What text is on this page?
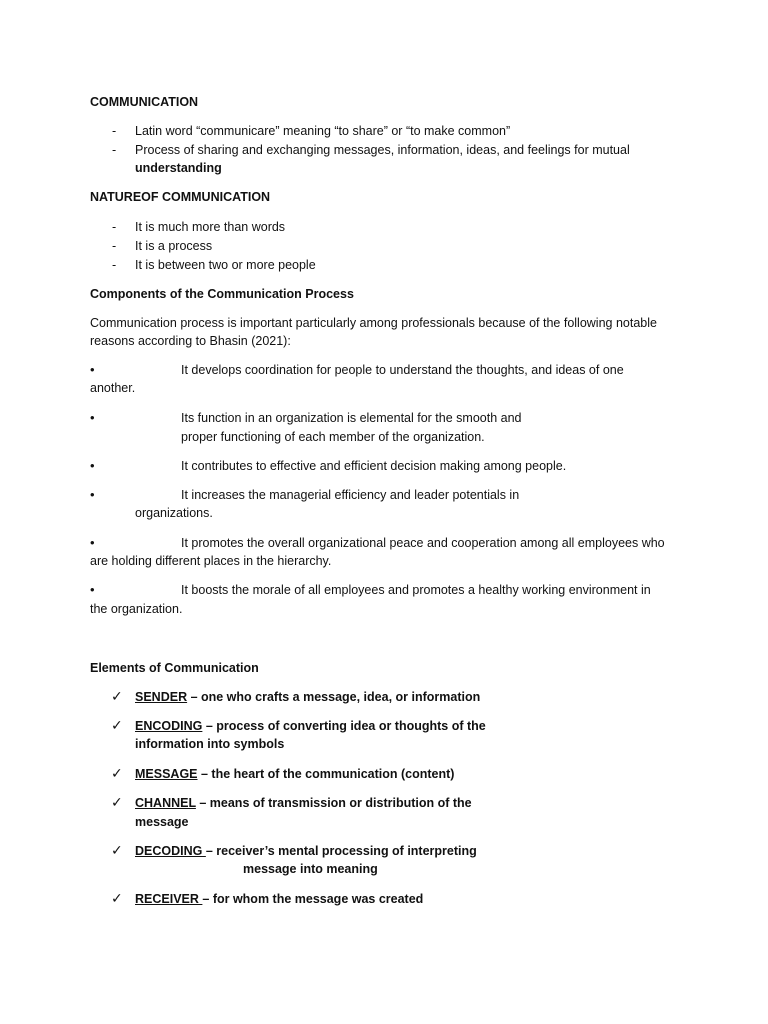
COMMUNICATION
- Latin word “communicare” meaning “to share” or “to make common”
- Process of sharing and exchanging messages, information, ideas, and feelings for mutual
understanding
NATUREOF COMMUNICATION
- It is much more than words
- It is a process
- It is between two or more people
Components of the Communication Process
Communication process is important particularly among professionals because of the following notable
reasons according to Bhasin (2021):
•	It develops coordination for people to understand the thoughts, and ideas of one
another.
•	Its function in an organization is elemental for the smooth and
proper functioning of each member of the organization.
•	It contributes to effective and efficient decision making among people.
•	It increases the managerial efficiency and leader potentials in
organizations.
•	It promotes the overall organizational peace and cooperation among all employees who
are holding different places in the hierarchy.
•	It boosts the morale of all employees and promotes a healthy working environment in
the organization.
Elements of Communication
✓ SENDER – one who crafts a message, idea, or information
✓ ENCODING – process of converting idea or thoughts of the
information into symbols
✓ MESSAGE – the heart of the communication (content)
✓ CHANNEL – means of transmission or distribution of the
message
✓ DECODING – receiver’s mental processing of interpreting
message into meaning
✓ RECEIVER – for whom the message was created
